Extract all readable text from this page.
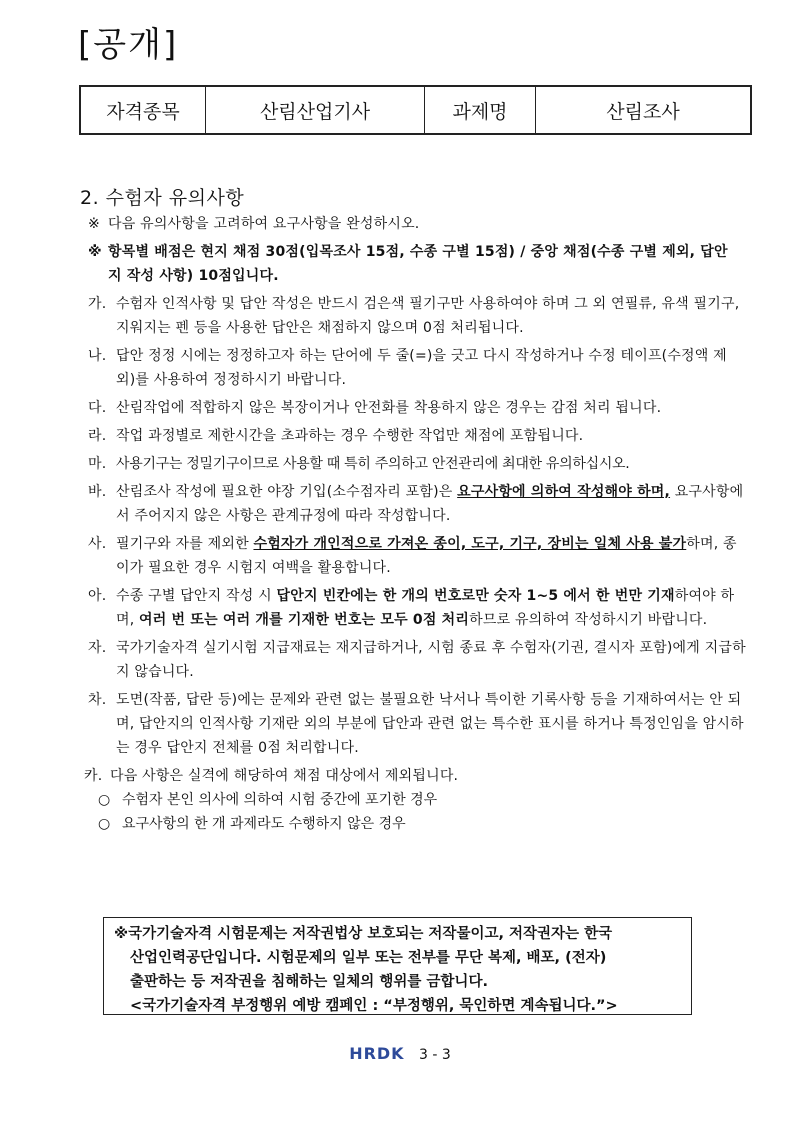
[공개]
자격종목	산림산업기사	과제명	산림조사
2. 수험자 유의사항
※ 다음 유의사항을 고려하여 요구사항을 완성하시오.
※ 항목별 배점은 현지 채점 30점(입목조사 15점, 수종 구별 15점) / 중앙 채점(수종 구별 제외, 답안지 작성 사항) 10점입니다.
가. 수험자 인적사항 및 답안 작성은 반드시 검은색 필기구만 사용하여야 하며 그 외 연필류, 유색 필기구, 지워지는 펜 등을 사용한 답안은 채점하지 않으며 0점 처리됩니다.
나. 답안 정정 시에는 정정하고자 하는 단어에 두 줄(=)을 긋고 다시 작성하거나 수정 테이프(수정액 제외)를 사용하여 정정하시기 바랍니다.
다. 산림작업에 적합하지 않은 복장이거나 안전화를 착용하지 않은 경우는 감점 처리 됩니다.
라. 작업 과정별로 제한시간을 초과하는 경우 수행한 작업만 채점에 포함됩니다.
마. 사용기구는 정밀기구이므로 사용할 때 특히 주의하고 안전관리에 최대한 유의하십시오.
바. 산림조사 작성에 필요한 야장 기입(소수점자리 포함)은 요구사항에 의하여 작성해야 하며, 요구사항에서 주어지지 않은 사항은 관계규정에 따라 작성합니다.
사. 필기구와 자를 제외한 수험자가 개인적으로 가져온 종이, 도구, 기구, 장비는 일체 사용 불가하며, 종이가 필요한 경우 시험지 여백을 활용합니다.
아. 수종 구별 답안지 작성 시 답안지 빈칸에는 한 개의 번호로만 숫자 1~5 에서 한 번만 기재하여야 하며, 여러 번 또는 여러 개를 기재한 번호는 모두 0점 처리하므로 유의하여 작성하시기 바랍니다.
자. 국가기술자격 실기시험 지급재료는 재지급하거나, 시험 종료 후 수험자(기권, 결시자 포함)에게 지급하지 않습니다.
차. 도면(작품, 답란 등)에는 문제와 관련 없는 불필요한 낙서나 특이한 기록사항 등을 기재하여서는 안 되며, 답안지의 인적사항 기재란 외의 부분에 답안과 관련 없는 특수한 표시를 하거나 특정인임을 암시하는 경우 답안지 전체를 0점 처리합니다.
카. 다음 사항은 실격에 해당하여 채점 대상에서 제외됩니다.
○ 수험자 본인 의사에 의하여 시험 중간에 포기한 경우
○ 요구사항의 한 개 과제라도 수행하지 않은 경우
※국가기술자격 시험문제는 저작권법상 보호되는 저작물이고, 저작권자는 한국
산업인력공단입니다. 시험문제의 일부 또는 전부를 무단 복제, 배포, (전자)
출판하는 등 저작권을 침해하는 일체의 행위를 금합니다.
<국가기술자격 부정행위 예방 캠페인 : “부정행위, 묵인하면 계속됩니다.”>
HRDK 3 - 3
